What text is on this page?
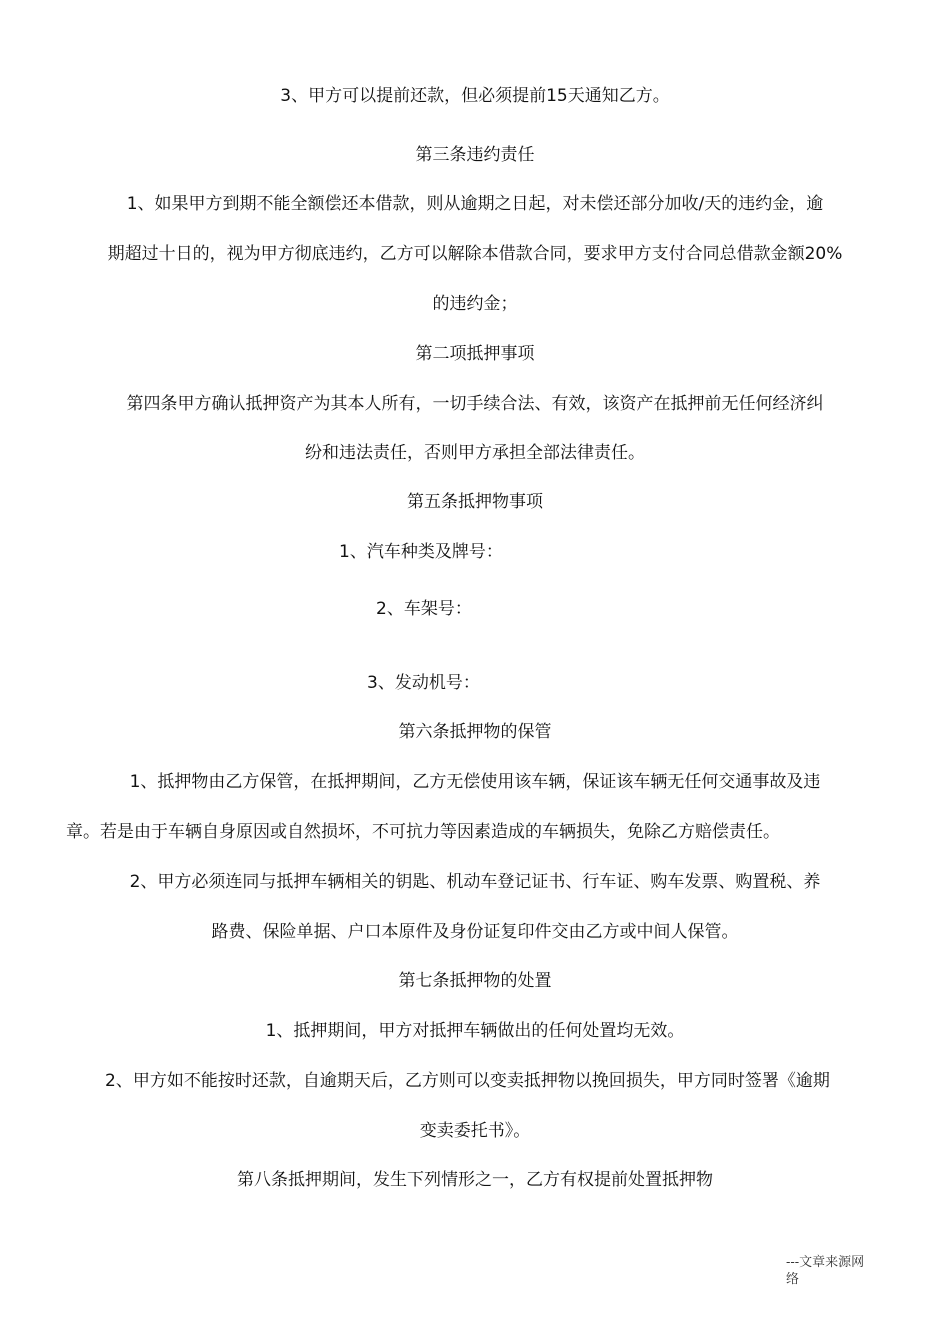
3、甲方可以提前还款，但必须提前15天通知乙方。
第三条违约责任
1、如果甲方到期不能全额偿还本借款，则从逾期之日起，对未偿还部分加收/天的违约金，逾
期超过十日的，视为甲方彻底违约，乙方可以解除本借款合同，要求甲方支付合同总借款金额20%
的违约金；
第二项抵押事项
第四条甲方确认抵押资产为其本人所有，一切手续合法、有效，该资产在抵押前无任何经济纠
纷和违法责任，否则甲方承担全部法律责任。
第五条抵押物事项
1、汽车种类及牌号：
2、车架号：
3、发动机号：
第六条抵押物的保管
1、抵押物由乙方保管，在抵押期间，乙方无偿使用该车辆，保证该车辆无任何交通事故及违
章。若是由于车辆自身原因或自然损坏，不可抗力等因素造成的车辆损失，免除乙方赔偿责任。
2、甲方必须连同与抵押车辆相关的钥匙、机动车登记证书、行车证、购车发票、购置税、养
路费、保险单据、户口本原件及身份证复印件交由乙方或中间人保管。
第七条抵押物的处置
1、抵押期间，甲方对抵押车辆做出的任何处置均无效。
2、甲方如不能按时还款，自逾期天后，乙方则可以变卖抵押物以挽回损失，甲方同时签署《逾期
变卖委托书》。
第八条抵押期间，发生下列情形之一，乙方有权提前处置抵押物
---文章来源网
络
